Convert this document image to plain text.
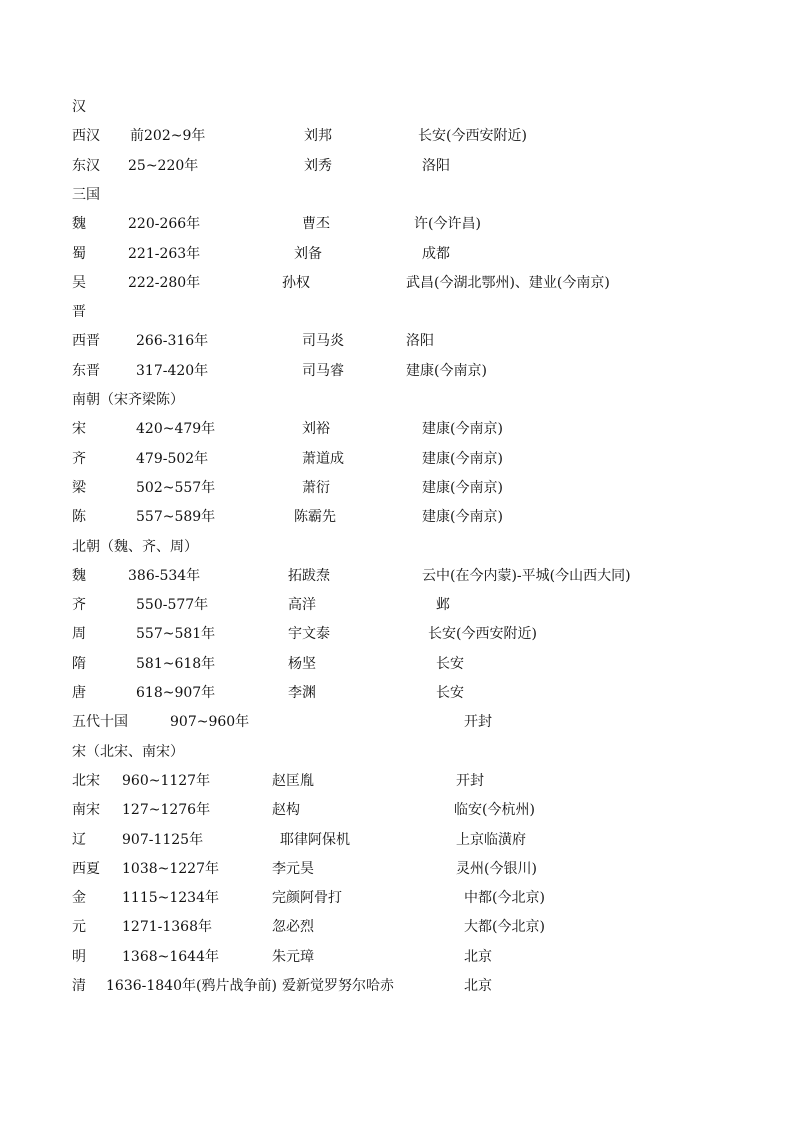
汉
西汉 前202~9年	刘邦	长安(今西安附近)
东汉 25~220年	刘秀	洛阳
三国
魏	220-266年	曹丕	许(今许昌)
蜀	221-263年	刘备	成都
吴	222-280年	孙权	武昌(今湖北鄂州)、建业(今南京)
晋
西晋	266-316年	司马炎	洛阳
东晋	317-420年	司马睿	建康(今南京)
南朝（宋齐梁陈）
宋	420~479年	刘裕	建康(今南京)
齐	479-502年	萧道成	建康(今南京)
梁	502~557年	萧衍	建康(今南京)
陈	557~589年	陈霸先	建康(今南京)
北朝（魏、齐、周）
魏	386-534年	拓跋焘	云中(在今内蒙)-平城(今山西大同)
齐	550-577年	高洋	邺
周	557~581年	宇文泰	长安(今西安附近)
隋	581~618年	杨坚	长安
唐	618~907年	李渊	长安
五代十国	907~960年	开封
宋（北宋、南宋）
北宋 960~1127年	赵匡胤	开封
南宋 127~1276年	赵构	临安(今杭州)
辽	907-1125年	耶律阿保机	上京临潢府
西夏 1038~1227年	李元昊	灵州(今银川)
金	1115~1234年	完颜阿骨打	中都(今北京)
元	1271-1368年	忽必烈	大都(今北京)
明	1368~1644年	朱元璋	北京
清 1636-1840年(鸦片战争前) 爱新觉罗努尔哈赤	北京
